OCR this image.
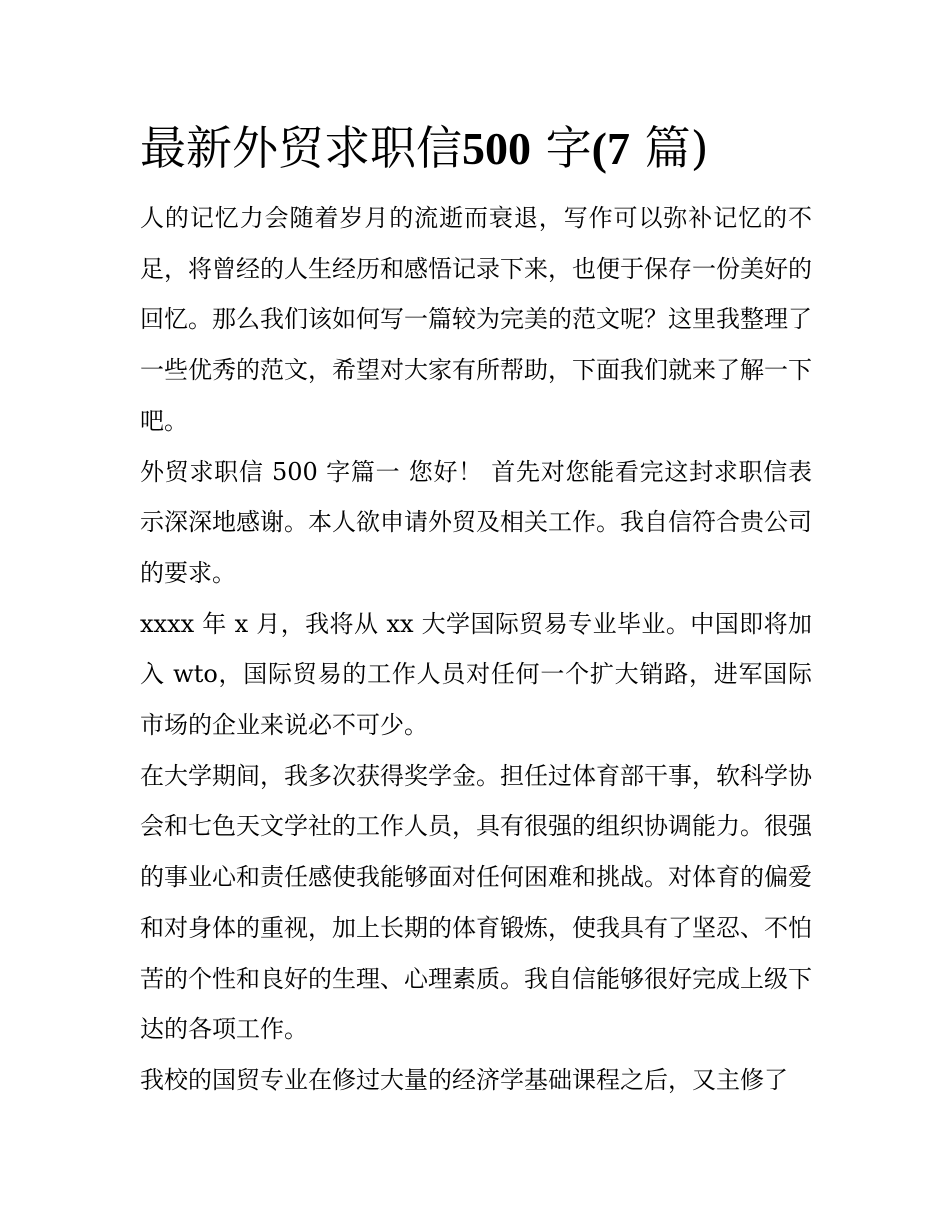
最新外贸求职信500 字(7 篇)

人的记忆力会随着岁月的流逝而衰退，写作可以弥补记忆的不足，将曾经的人生经历和感悟记录下来，也便于保存一份美好的回忆。那么我们该如何写一篇较为完美的范文呢？这里我整理了一些优秀的范文，希望对大家有所帮助，下面我们就来了解一下吧。

外贸求职信 500 字篇一 您好！ 首先对您能看完这封求职信表示深深地感谢。本人欲申请外贸及相关工作。我自信符合贵公司的要求。

xxxx 年 x 月，我将从 xx 大学国际贸易专业毕业。中国即将加入 wto，国际贸易的工作人员对任何一个扩大销路，进军国际市场的企业来说必不可少。

在大学期间，我多次获得奖学金。担任过体育部干事，软科学协会和七色天文学社的工作人员，具有很强的组织协调能力。很强的事业心和责任感使我能够面对任何困难和挑战。对体育的偏爱和对身体的重视，加上长期的体育锻炼，使我具有了坚忍、不怕苦的个性和良好的生理、心理素质。我自信能够很好完成上级下达的各项工作。

我校的国贸专业在修过大量的经济学基础课程之后，又主修了
